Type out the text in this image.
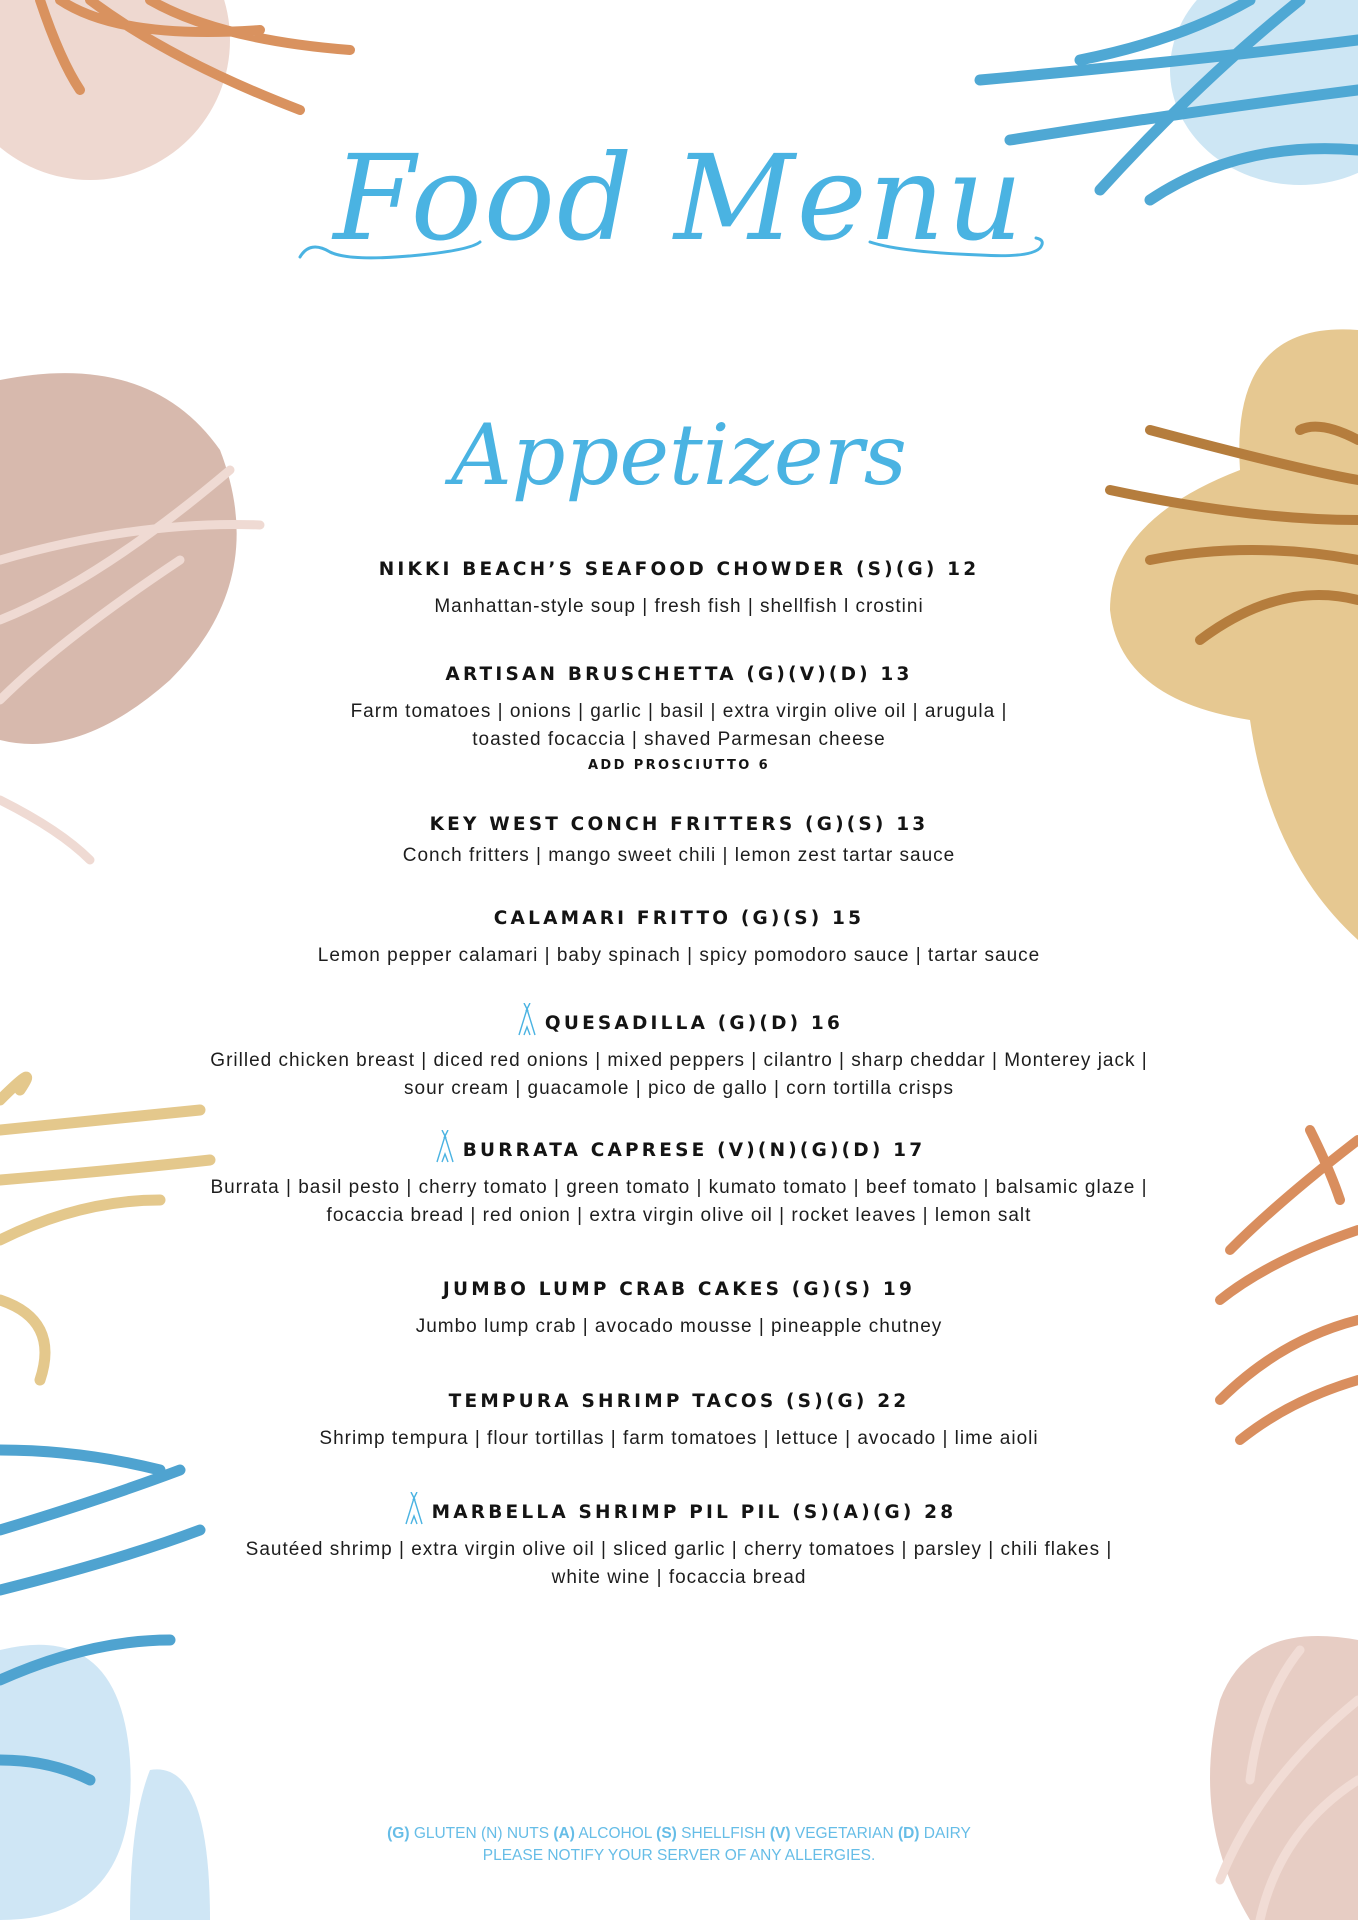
Food Menu
Appetizers
NIKKI BEACH’S SEAFOOD CHOWDER (S)(G) 12
Manhattan-style soup | fresh fish | shellfish l crostini
ARTISAN BRUSCHETTA (G)(V)(D) 13
Farm tomatoes | onions | garlic | basil | extra virgin olive oil | arugula |
toasted focaccia | shaved Parmesan cheese
ADD PROSCIUTTO 6
KEY WEST CONCH FRITTERS (G)(S) 13
Conch fritters | mango sweet chili | lemon zest tartar sauce
CALAMARI FRITTO (G)(S) 15
Lemon pepper calamari | baby spinach | spicy pomodoro sauce | tartar sauce
QUESADILLA (G)(D) 16
Grilled chicken breast | diced red onions | mixed peppers | cilantro | sharp cheddar | Monterey jack |
sour cream | guacamole | pico de gallo | corn tortilla crisps
BURRATA CAPRESE (V)(N)(G)(D) 17
Burrata | basil pesto | cherry tomato | green tomato | kumato tomato | beef tomato | balsamic glaze |
focaccia bread | red onion | extra virgin olive oil | rocket leaves | lemon salt
JUMBO LUMP CRAB CAKES (G)(S) 19
Jumbo lump crab | avocado mousse | pineapple chutney
TEMPURA SHRIMP TACOS (S)(G) 22
Shrimp tempura | flour tortillas | farm tomatoes | lettuce | avocado | lime aioli
MARBELLA SHRIMP PIL PIL (S)(A)(G) 28
Sautéed shrimp | extra virgin olive oil | sliced garlic | cherry tomatoes | parsley | chili flakes |
white wine | focaccia bread
(G) GLUTEN (N) NUTS (A) ALCOHOL (S) SHELLFISH (V) VEGETARIAN (D) DAIRY
PLEASE NOTIFY YOUR SERVER OF ANY ALLERGIES.
